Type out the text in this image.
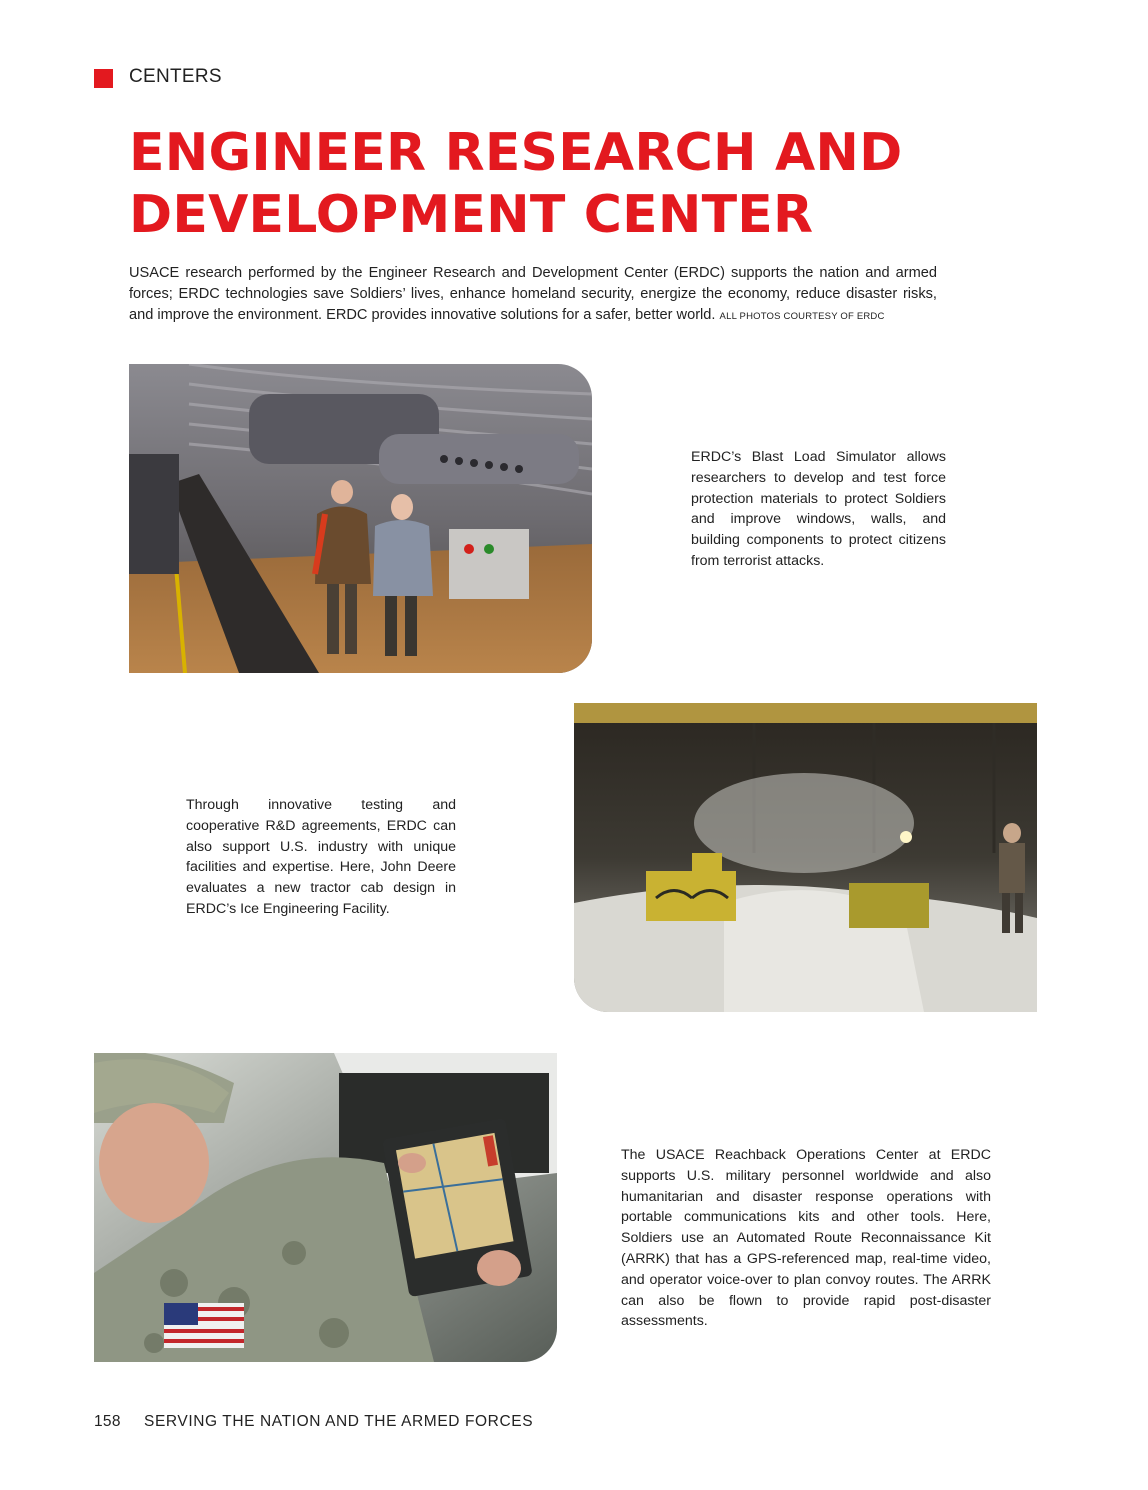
CENTERS
ENGINEER RESEARCH AND DEVELOPMENT CENTER

USACE research performed by the Engineer Research and Development Center (ERDC) supports the nation and armed forces; ERDC technologies save Soldiers’ lives, enhance homeland security, energize the economy, reduce disaster risks, and improve the environment. ERDC provides innovative solutions for a safer, better world. ALL PHOTOS COURTESY OF ERDC

ERDC’s Blast Load Simulator allows researchers to develop and test force protection materials to protect Soldiers and improve windows, walls, and building components to protect citizens from terrorist attacks.

Through innovative testing and cooperative R&D agreements, ERDC can also support U.S. industry with unique facilities and expertise. Here, John Deere evaluates a new tractor cab design in ERDC’s Ice Engineering Facility.

The USACE Reachback Operations Center at ERDC supports U.S. military personnel worldwide and also humanitarian and disaster response operations with portable communications kits and other tools. Here, Soldiers use an Automated Route Reconnaissance Kit (ARRK) that has a GPS-referenced map, real-time video, and operator voice-over to plan convoy routes. The ARRK can also be flown to provide rapid post-disaster assessments.

158 SERVING THE NATION AND THE ARMED FORCES
